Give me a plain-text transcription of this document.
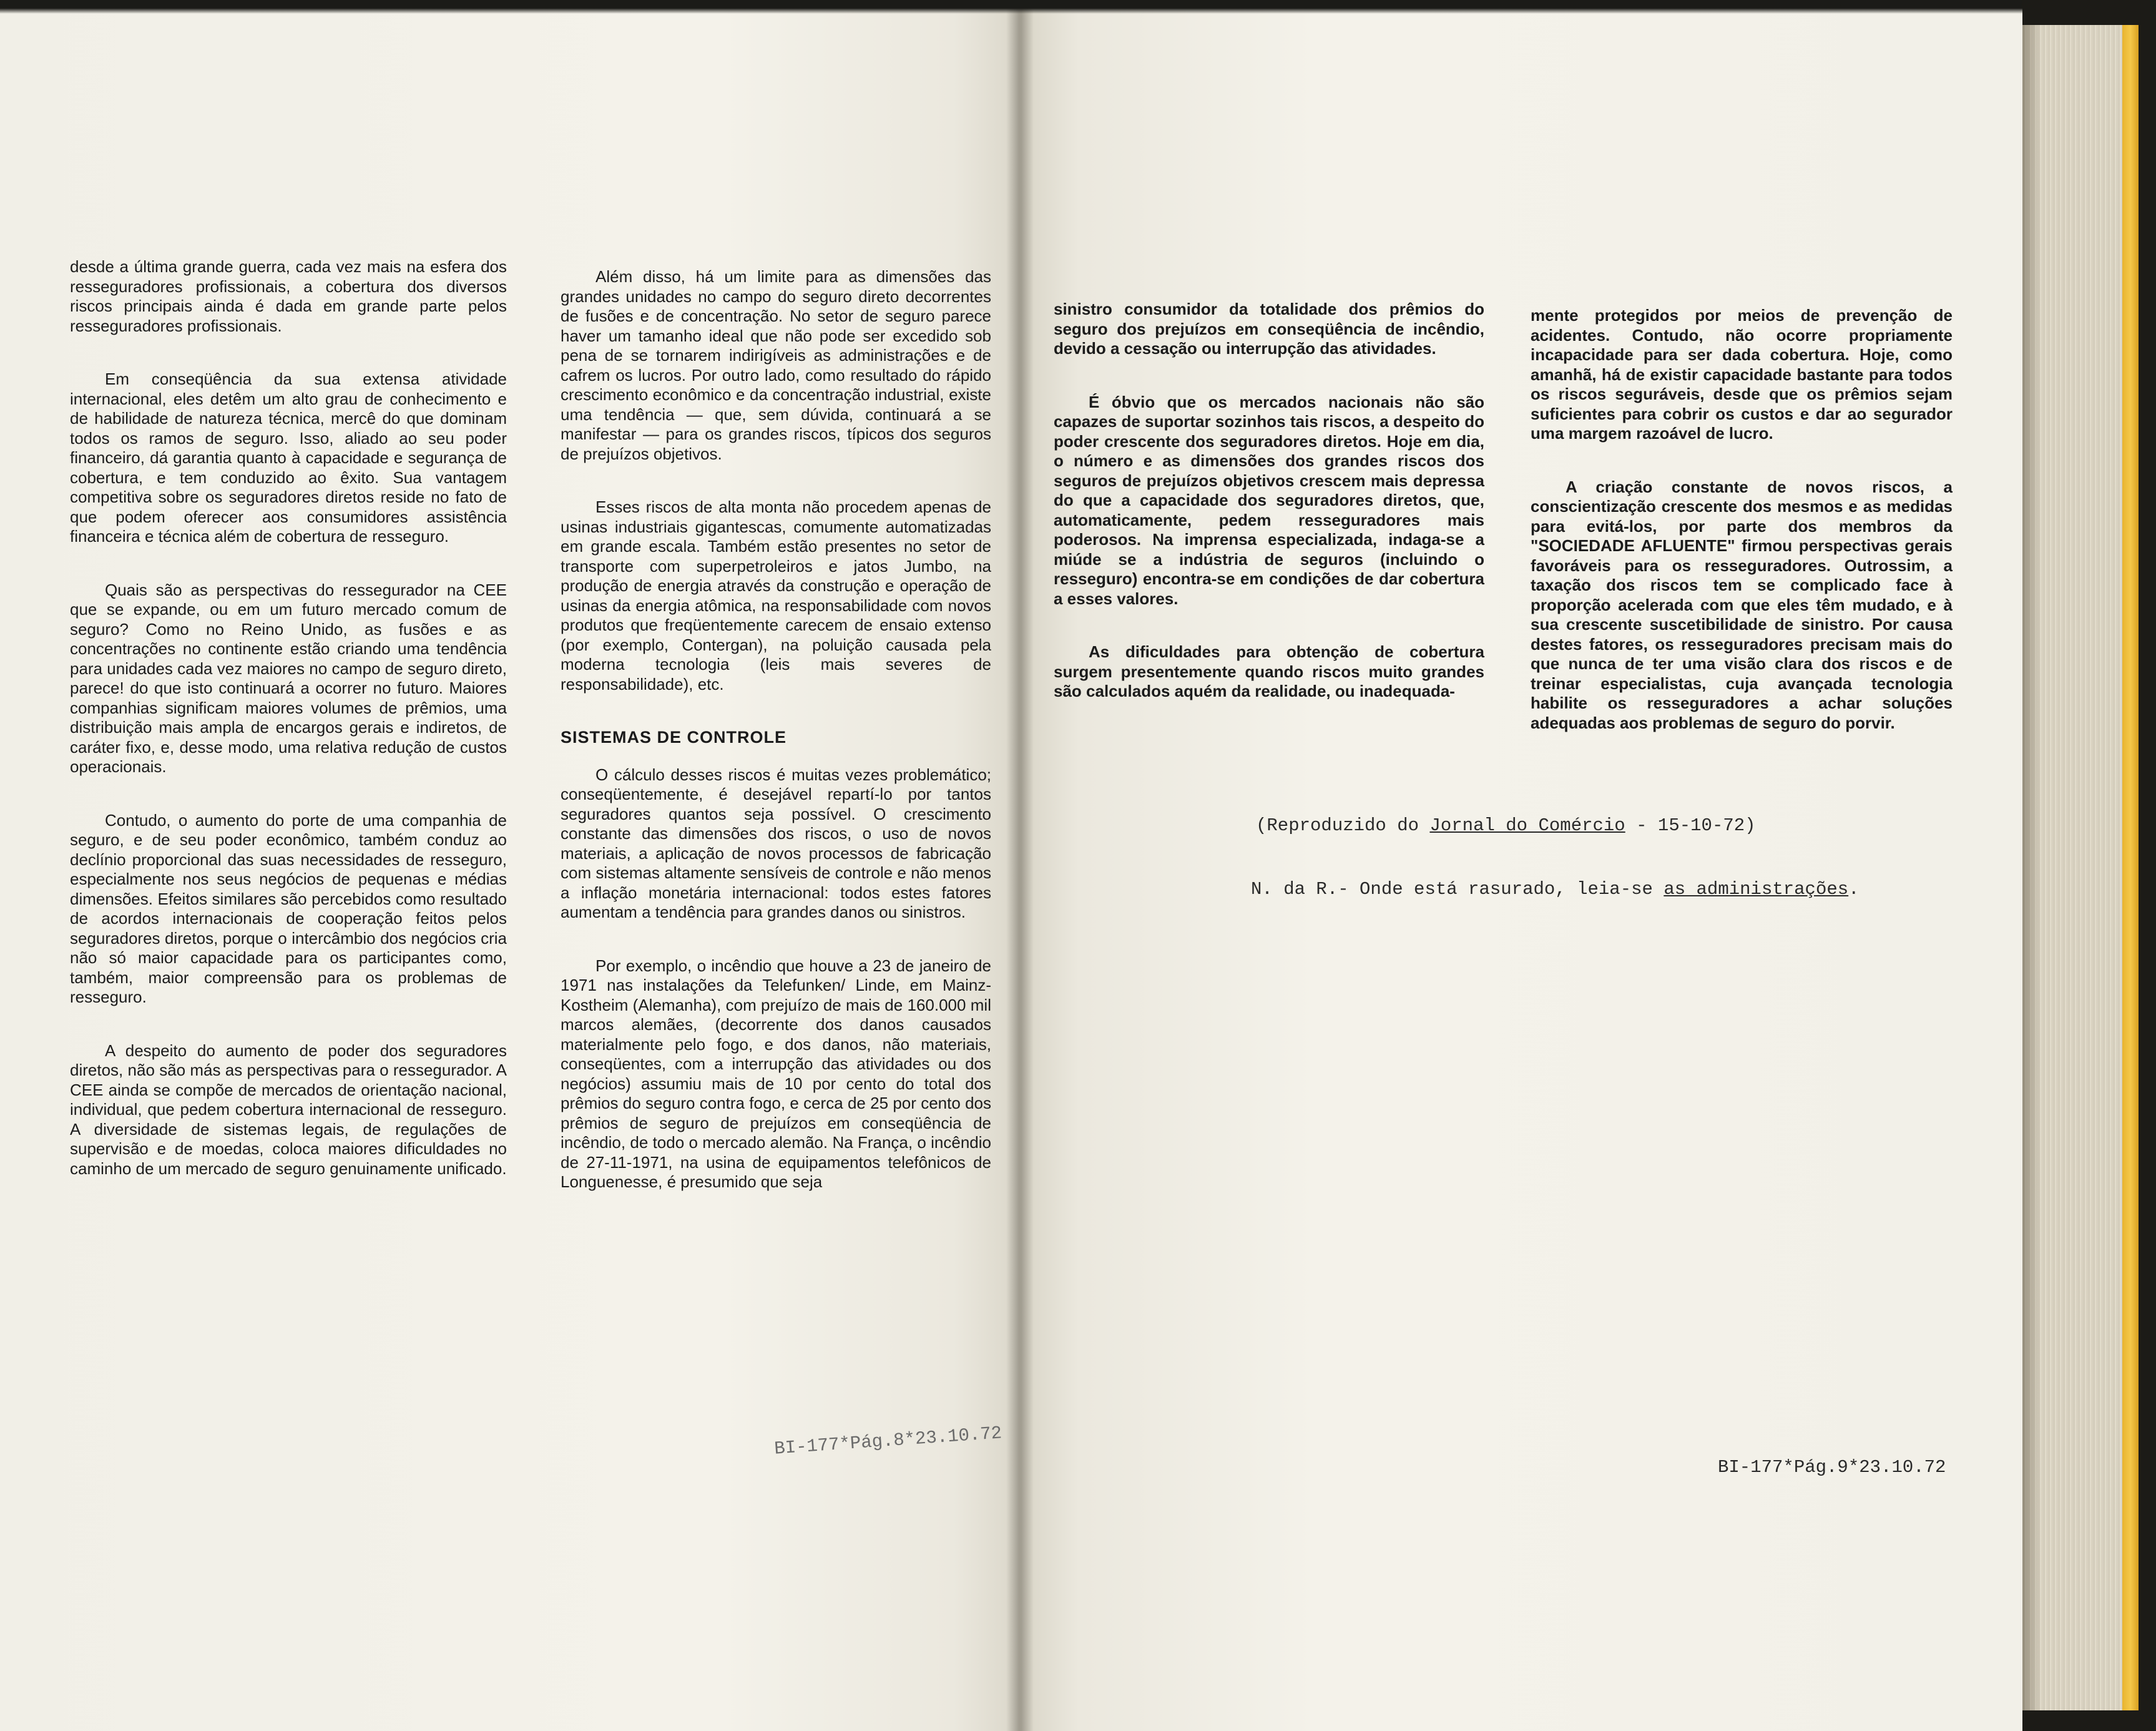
desde a última grande guerra, cada vez mais na esfera dos resseguradores profissionais, a cobertura dos diversos riscos principais ainda é dada em grande parte pelos resseguradores profissionais.

Em conseqüência da sua extensa atividade internacional, eles detêm um alto grau de conhecimento e de habilidade de natureza técnica, mercê do que dominam todos os ramos de seguro. Isso, aliado ao seu poder financeiro, dá garantia quanto à capacidade e segurança de cobertura, e tem conduzido ao êxito. Sua vantagem competitiva sobre os seguradores diretos reside no fato de que podem oferecer aos consumidores assistência financeira e técnica além de cobertura de resseguro.

Quais são as perspectivas do ressegurador na CEE que se expande, ou em um futuro mercado comum de seguro? Como no Reino Unido, as fusões e as concentrações no continente estão criando uma tendência para unidades cada vez maiores no campo de seguro direto, parece! do que isto continuará a ocorrer no futuro. Maiores companhias significam maiores volumes de prêmios, uma distribuição mais ampla de encargos gerais e indiretos, de caráter fixo, e, desse modo, uma relativa redução de custos operacionais.

Contudo, o aumento do porte de uma companhia de seguro, e de seu poder econômico, também conduz ao declínio proporcional das suas necessidades de resseguro, especialmente nos seus negócios de pequenas e médias dimensões. Efeitos similares são percebidos como resultado de acordos internacionais de cooperação feitos pelos seguradores diretos, porque o intercâmbio dos negócios cria não só maior capacidade para os participantes como, também, maior compreensão para os problemas de resseguro.

A despeito do aumento de poder dos seguradores diretos, não são más as perspectivas para o ressegurador. A CEE ainda se compõe de mercados de orientação nacional, individual, que pedem cobertura internacional de resseguro. A diversidade de sistemas legais, de regulações de supervisão e de moedas, coloca maiores dificuldades no caminho de um mercado de seguro genuinamente unificado.

Além disso, há um limite para as dimensões das grandes unidades no campo do seguro direto decorrentes de fusões e de concentração. No setor de seguro parece haver um tamanho ideal que não pode ser excedido sob pena de se tornarem indirigíveis as administrações e de cafrem os lucros. Por outro lado, como resultado do rápido crescimento econômico e da concentração industrial, existe uma tendência — que, sem dúvida, continuará a se manifestar — para os grandes riscos, típicos dos seguros de prejuízos objetivos.

Esses riscos de alta monta não procedem apenas de usinas industriais gigantescas, comumente automatizadas em grande escala. Também estão presentes no setor de transporte com superpetroleiros e jatos Jumbo, na produção de energia através da construção e operação de usinas da energia atômica, na responsabilidade com novos produtos que freqüentemente carecem de ensaio extenso (por exemplo, Contergan), na poluição causada pela moderna tecnologia (leis mais severes de responsabilidade), etc.

SISTEMAS DE CONTROLE

O cálculo desses riscos é muitas vezes problemático; conseqüentemente, é desejável repartí-lo por tantos seguradores quantos seja possível. O crescimento constante das dimensões dos riscos, o uso de novos materiais, a aplicação de novos processos de fabricação com sistemas altamente sensíveis de controle e não menos a inflação monetária internacional: todos estes fatores aumentam a tendência para grandes danos ou sinistros.

Por exemplo, o incêndio que houve a 23 de janeiro de 1971 nas instalações da Telefunken/ Linde, em Mainz-Kostheim (Alemanha), com prejuízo de mais de 160.000 mil marcos alemães, (decorrente dos danos causados materialmente pelo fogo, e dos danos, não materiais, conseqüentes, com a interrupção das atividades ou dos negócios) assumiu mais de 10 por cento do total dos prêmios do seguro contra fogo, e cerca de 25 por cento dos prêmios de seguro de prejuízos em conseqüência de incêndio, de todo o mercado alemão. Na França, o incêndio de 27-11-1971, na usina de equipamentos telefônicos de Longuenesse, é presumido que seja

BI-177*Pág.8*23.10.72

sinistro consumidor da totalidade dos prêmios do seguro dos prejuízos em conseqüência de incêndio, devido a cessação ou interrupção das atividades.

É óbvio que os mercados nacionais não são capazes de suportar sozinhos tais riscos, a despeito do poder crescente dos seguradores diretos. Hoje em dia, o número e as dimensões dos grandes riscos dos seguros de prejuízos objetivos crescem mais depressa do que a capacidade dos seguradores diretos, que, automaticamente, pedem resseguradores mais poderosos. Na imprensa especializada, indaga-se a miúde se a indústria de seguros (incluindo o resseguro) encontra-se em condições de dar cobertura a esses valores.

As dificuldades para obtenção de cobertura surgem presentemente quando riscos muito grandes são calculados aquém da realidade, ou inadequada-

mente protegidos por meios de prevenção de acidentes. Contudo, não ocorre propriamente incapacidade para ser dada cobertura. Hoje, como amanhã, há de existir capacidade bastante para todos os riscos seguráveis, desde que os prêmios sejam suficientes para cobrir os custos e dar ao segurador uma margem razoável de lucro.

A criação constante de novos riscos, a conscientização crescente dos mesmos e as medidas para evitá-los, por parte dos membros da "SOCIEDADE AFLUENTE" firmou perspectivas gerais favoráveis para os resseguradores. Outrossim, a taxação dos riscos tem se complicado face à proporção acelerada com que eles têm mudado, e à sua crescente suscetibilidade de sinistro. Por causa destes fatores, os resseguradores precisam mais do que nunca de ter uma visão clara dos riscos e de treinar especialistas, cuja avançada tecnologia habilite os resseguradores a achar soluções adequadas aos problemas de seguro do porvir.

(Reproduzido do Jornal do Comércio - 15-10-72)
N. da R.- Onde está rasurado, leia-se as administrações.
BI-177*Pág.9*23.10.72
